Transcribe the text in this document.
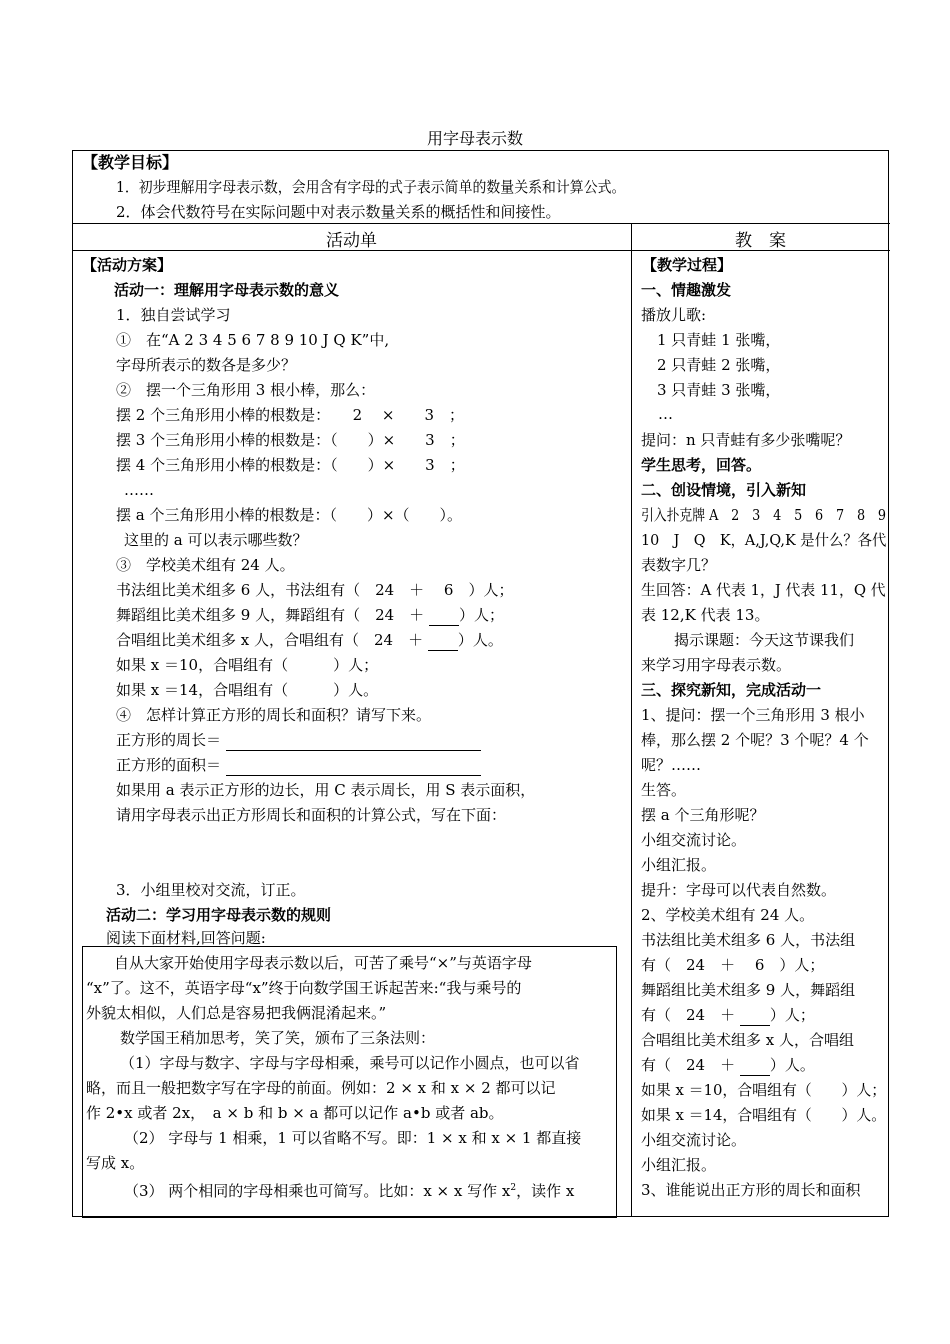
用字母表示数
【教学目标】
1．初步理解用字母表示数，会用含有字母的式子表示简单的数量关系和计算公式。
2．体会代数符号在实际问题中对表示数量关系的概括性和间接性。
活动单	教　案
【活动方案】
活动一：理解用字母表示数的意义
1．独自尝试学习
①　在“A 2 3 4 5 6 7 8 9 10 J Q K”中,
字母所表示的数各是多少？
②　摆一个三角形用 3 根小棒，那么：
摆 2 个三角形用小棒的根数是：　　2　 ×　　3　；
摆 3 个三角形用小棒的根数是：（　　）×　　3　；
摆 4 个三角形用小棒的根数是：（　　）×　　3　；
……
摆 a 个三角形用小棒的根数是：（　　）×（　　）。
这里的 a 可以表示哪些数？
③　学校美术组有 24 人。
书法组比美术组多 6 人，书法组有（　24　＋　 6　）人；
舞蹈组比美术组多 9 人，舞蹈组有（　24　＋ ）人；
合唱组比美术组多 x 人，合唱组有（　24　＋ ）人。
如果 x ＝10，合唱组有（　　　）人；
如果 x ＝14，合唱组有（　　　）人。
④　怎样计算正方形的周长和面积？请写下来。
正方形的周长＝
正方形的面积＝
如果用 a 表示正方形的边长，用 C 表示周长，用 S 表示面积，
请用字母表示出正方形周长和面积的计算公式，写在下面：
3．小组里校对交流，订正。
活动二：学习用字母表示数的规则
阅读下面材料,回答问题:
自从大家开始使用字母表示数以后，可苦了乘号“×”与英语字母
“x”了。这不，英语字母“x”终于向数学国王诉起苦来:“我与乘号的
外貌太相似，人们总是容易把我俩混淆起来。”
数学国王稍加思考，笑了笑，颁布了三条法则：
（1）字母与数字、字母与字母相乘，乘号可以记作小圆点，也可以省
略，而且一般把数字写在字母的前面。例如：2 × x 和 x × 2 都可以记
作 2•x 或者 2x，　a × b 和 b × a 都可以记作 a•b 或者 ab。
（2） 字母与 1 相乘，1 可以省略不写。即：1 × x 和 x × 1 都直接
写成 x。
（3） 两个相同的字母相乘也可简写。比如：x × x 写作 $x^2$，读作 x
【教学过程】
一、情趣激发
播放儿歌:
1 只青蛙 1 张嘴，
2 只青蛙 2 张嘴，
3 只青蛙 3 张嘴，
…
提问：n 只青蛙有多少张嘴呢？
学生思考，回答。
二、创设情境，引入新知
引入扑克牌 A　2　3　4　5　6　7　8　9
10　J　Q　K，A,J,Q,K 是什么？各代
表数字几？
生回答：A 代表 1，J 代表 11，Q 代
表 12,K 代表 13。
揭示课题：今天这节课我们
来学习用字母表示数。
三、探究新知，完成活动一
1、提问：摆一个三角形用 3 根小
棒，那么摆 2 个呢？3 个呢？4 个
呢？……
生答。
摆 a 个三角形呢？
小组交流讨论。
小组汇报。
提升：字母可以代表自然数。
2、学校美术组有 24 人。
书法组比美术组多 6 人，书法组
有（　24　＋　 6　）人；
舞蹈组比美术组多 9 人，舞蹈组
有（　24　＋ ）人；
合唱组比美术组多 x 人，合唱组
有（　24　＋ ）人。
如果 x ＝10，合唱组有（　　）人；
如果 x ＝14，合唱组有（　　）人。
小组交流讨论。
小组汇报。
3、谁能说出正方形的周长和面积
